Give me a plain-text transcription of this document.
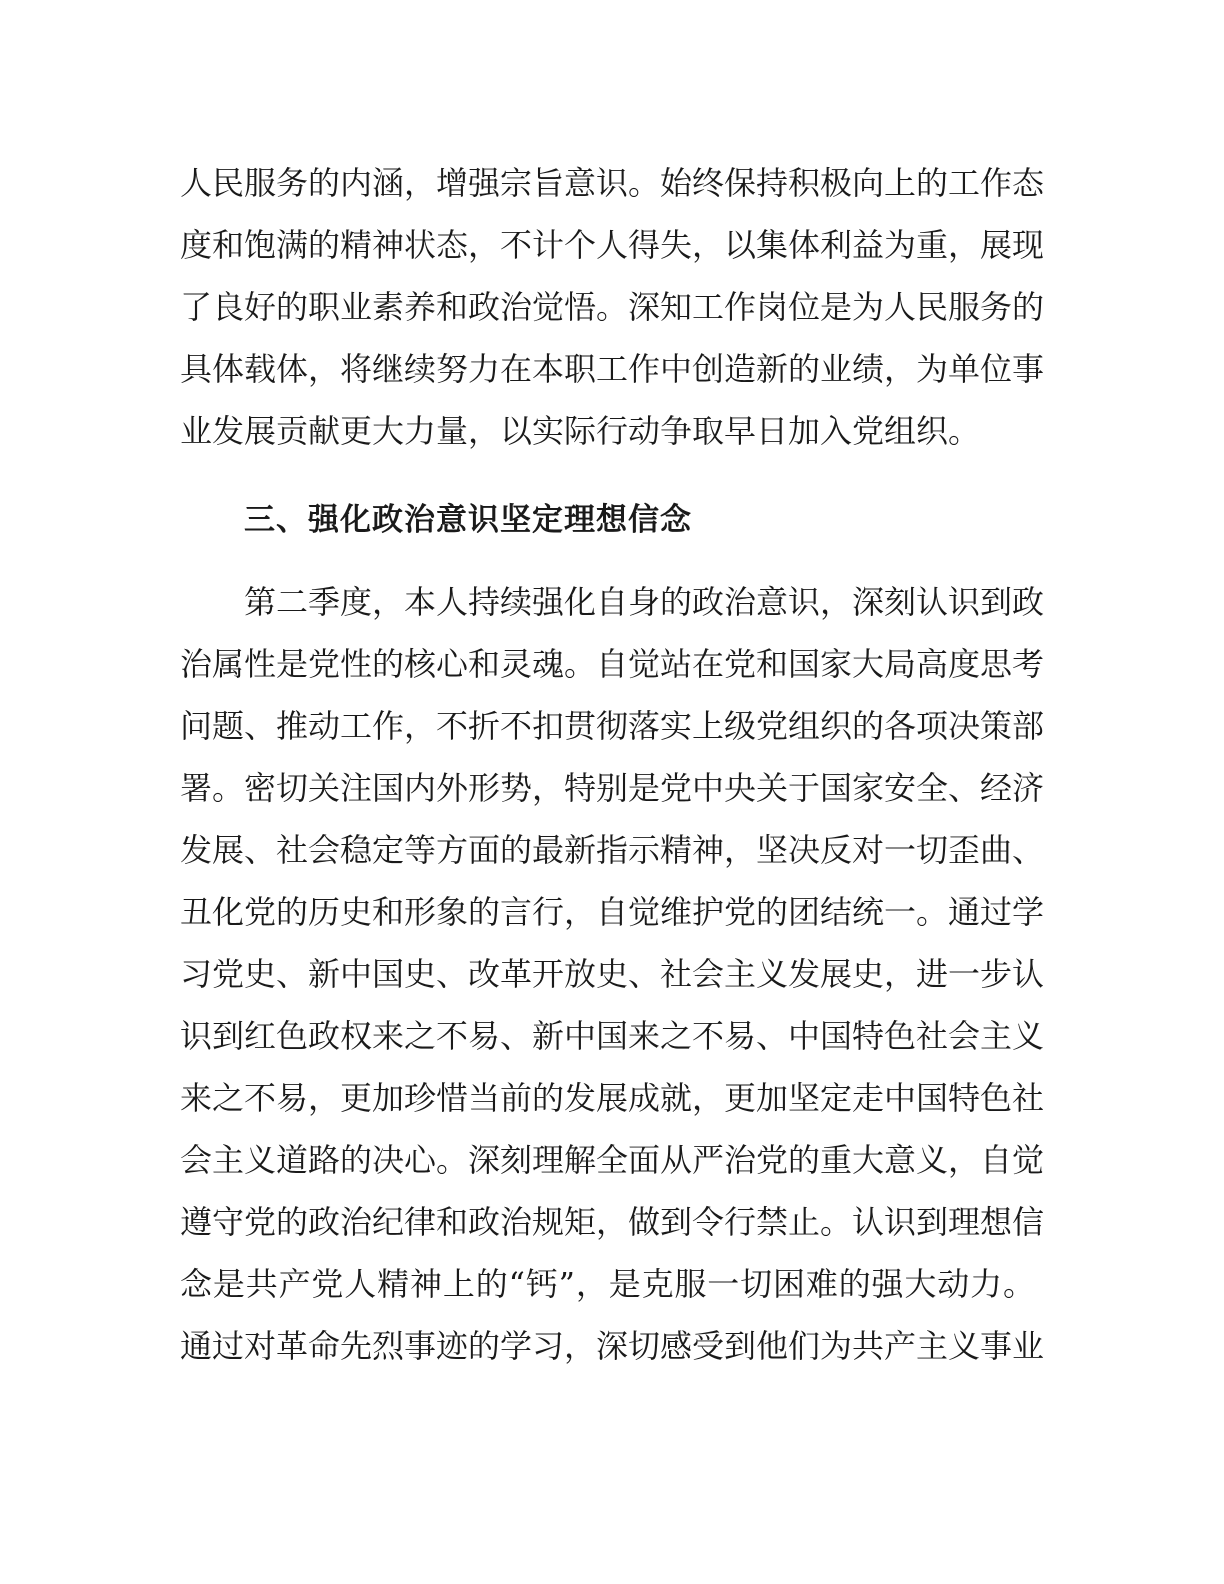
人民服务的内涵，增强宗旨意识。始终保持积极向上的工作态
度和饱满的精神状态，不计个人得失，以集体利益为重，展现
了良好的职业素养和政治觉悟。深知工作岗位是为人民服务的
具体载体，将继续努力在本职工作中创造新的业绩，为单位事
业发展贡献更大力量，以实际行动争取早日加入党组织。
三、强化政治意识坚定理想信念
第二季度，本人持续强化自身的政治意识，深刻认识到政
治属性是党性的核心和灵魂。自觉站在党和国家大局高度思考
问题、推动工作，不折不扣贯彻落实上级党组织的各项决策部
署。密切关注国内外形势，特别是党中央关于国家安全、经济
发展、社会稳定等方面的最新指示精神，坚决反对一切歪曲、
丑化党的历史和形象的言行，自觉维护党的团结统一。通过学
习党史、新中国史、改革开放史、社会主义发展史，进一步认
识到红色政权来之不易、新中国来之不易、中国特色社会主义
来之不易，更加珍惜当前的发展成就，更加坚定走中国特色社
会主义道路的决心。深刻理解全面从严治党的重大意义，自觉
遵守党的政治纪律和政治规矩，做到令行禁止。认识到理想信
念是共产党人精神上的“钙”，是克服一切困难的强大动力。
通过对革命先烈事迹的学习，深切感受到他们为共产主义事业
